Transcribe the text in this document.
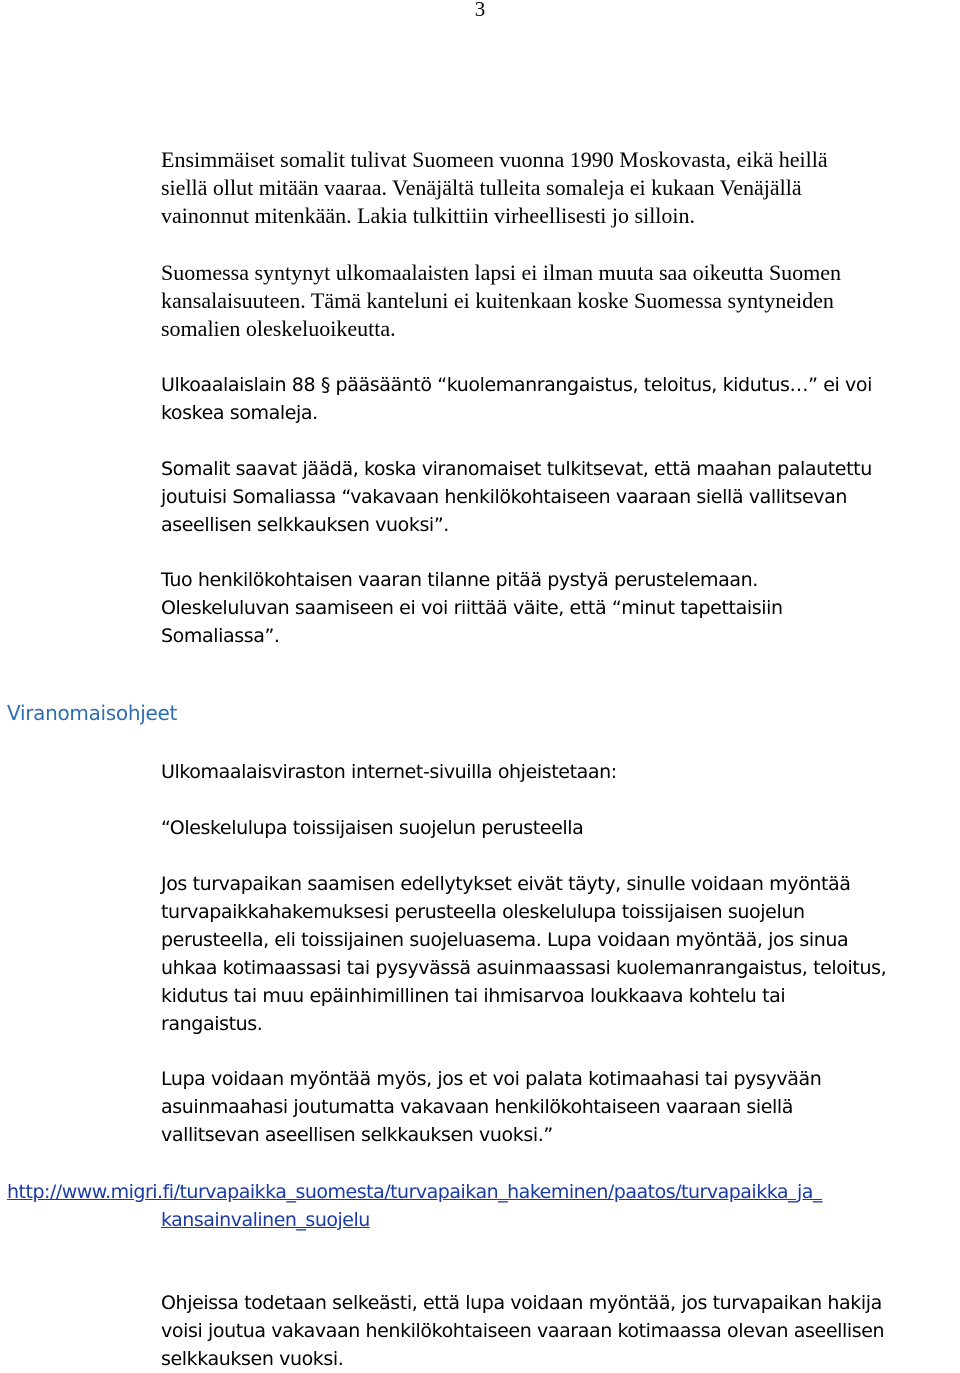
3

Ensimmäiset somalit tulivat Suomeen vuonna 1990 Moskovasta, eikä heillä
siellä ollut mitään vaaraa. Venäjältä tulleita somaleja ei kukaan Venäjällä
vainonnut mitenkään. Lakia tulkittiin virheellisesti jo silloin.

Suomessa syntynyt ulkomaalaisten lapsi ei ilman muuta saa oikeutta Suomen
kansalaisuuteen. Tämä kanteluni ei kuitenkaan koske Suomessa syntyneiden
somalien oleskeluoikeutta.

Ulkoaalaislain 88 § pääsääntö “kuolemanrangaistus, teloitus, kidutus…” ei voi
koskea somaleja.

Somalit saavat jäädä, koska viranomaiset tulkitsevat, että maahan palautettu
joutuisi Somaliassa “vakavaan henkilökohtaiseen vaaraan siellä vallitsevan
aseellisen selkkauksen vuoksi”.

Tuo henkilökohtaisen vaaran tilanne pitää pystyä perustelemaan.
Oleskeluluvan saamiseen ei voi riittää väite, että “minut tapettaisiin
Somaliassa”.

Viranomaisohjeet

Ulkomaalaisviraston internet-sivuilla ohjeistetaan:

“Oleskelulupa toissijaisen suojelun perusteella

Jos turvapaikan saamisen edellytykset eivät täyty, sinulle voidaan myöntää
turvapaikkahakemuksesi perusteella oleskelulupa toissijaisen suojelun
perusteella, eli toissijainen suojeluasema. Lupa voidaan myöntää, jos sinua
uhkaa kotimaassasi tai pysyvässä asuinmaassasi kuolemanrangaistus, teloitus,
kidutus tai muu epäinhimillinen tai ihmisarvoa loukkaava kohtelu tai
rangaistus.

Lupa voidaan myöntää myös, jos et voi palata kotimaahasi tai pysyvään
asuinmaahasi joutumatta vakavaan henkilökohtaiseen vaaraan siellä
vallitsevan aseellisen selkkauksen vuoksi.”

http://www.migri.fi/turvapaikka_suomesta/turvapaikan_hakeminen/paatos/turvapaikka_ja_
kansainvalinen_suojelu

Ohjeissa todetaan selkeästi, että lupa voidaan myöntää, jos turvapaikan hakija
voisi joutua vakavaan henkilökohtaiseen vaaraan kotimaassa olevan aseellisen
selkkauksen vuoksi.
